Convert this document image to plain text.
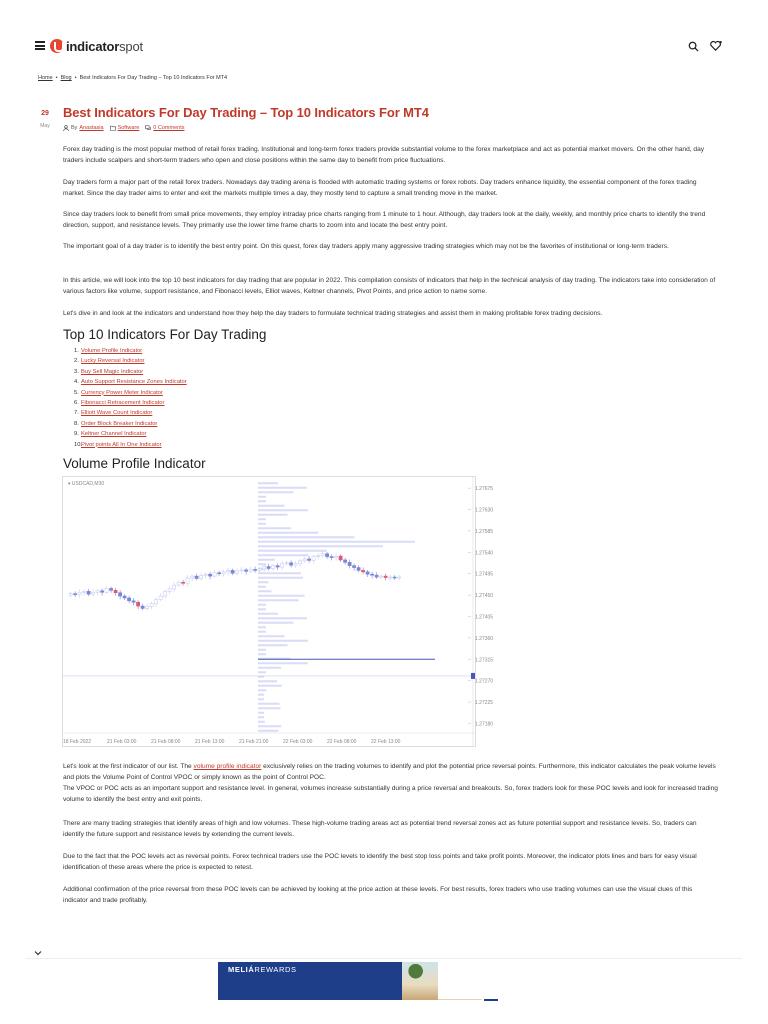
indicatorspot
Home • Blog • Best Indicators For Day Trading – Top 10 Indicators For MT4
29
May
Best Indicators For Day Trading – Top 10 Indicators For MT4
By Anastasia	Software	0 Comments

Forex day trading is the most popular method of retail forex trading. Institutional and long-term forex traders provide substantial volume to the forex marketplace and act as potential market movers. On the other hand, day traders include scalpers and short-term traders who open and close positions within the same day to benefit from price fluctuations.

Day traders form a major part of the retail forex traders. Nowadays day trading arena is flooded with automatic trading systems or forex robots. Day traders enhance liquidity, the essential component of the forex trading market. Since the day trader aims to enter and exit the markets multiple times a day, they mostly tend to capture a small trending move in the market.

Since day traders look to benefit from small price movements, they employ intraday price charts ranging from 1 minute to 1 hour. Although, day traders look at the daily, weekly, and monthly price charts to identify the trend direction, support, and resistance levels. They primarily use the lower time frame charts to zoom into and locate the best entry point.

The important goal of a day trader is to identify the best entry point. On this quest, forex day traders apply many aggressive trading strategies which may not be the favorites of institutional or long-term traders.

In this article, we will look into the top 10 best indicators for day trading that are popular in 2022. This compilation consists of indicators that help in the technical analysis of day trading. The indicators take into consideration of various factors like volume, support resistance, and Fibonacci levels, Elliot waves, Keltner channels, Pivot Points, and price action to name some.

Let's dive in and look at the indicators and understand how they help the day traders to formulate technical trading strategies and assist them in making profitable forex trading decisions.

Top 10 Indicators For Day Trading
1. Volume Profile Indicator
2. Lucky Reversal Indicator
3. Buy Sell Magic Indicator
4. Auto Support Resistance Zones Indicator
5. Currency Power Meter Indicator
6. Fibonacci Retracement Indicator
7. Elliott Wave Count Indicator
8. Order Block Breaker Indicator
9. Keltner Channel Indicator
10.
Pivot points All In One Indicator
Volume Profile Indicator
▾ USDCAD,M30
1.27675
1.27630
1.27585
1.27540
1.27495
1.27450
1.27405
1.27360
1.27315
1.27270
1.27225
1.27180
18 Feb 2022	21 Feb 03:00	21 Feb 08:00	21 Feb 13:00	21 Feb 21:00	22 Feb 03:00	22 Feb 08:00	22 Feb 13:00
1.27280

Let's look at the first indicator of our list. The volume profile indicator exclusively relies on the trading volumes to identify and plot the potential price reversal points. Furthermore, this indicator calculates the peak volume levels and plots the Volume Point of Control VPOC or simply known as the point of Control POC.

The VPOC or POC acts as an important support and resistance level. In general, volumes increase substantially during a price reversal and breakouts. So, forex traders look for these POC levels and look for increased trading volume to identify the best entry and exit points.

There are many trading strategies that identify areas of high and low volumes. These high-volume trading areas act as potential trend reversal zones act as future potential support and resistance levels. So, traders can identify the future support and resistance levels by extending the current levels.

Due to the fact that the POC levels act as reversal points. Forex technical traders use the POC levels to identify the best stop loss points and take profit points. Moreover, the indicator plots lines and bars for easy visual identification of these areas where the price is expected to retest.

Additional confirmation of the price reversal from these POC levels can be achieved by looking at the price action at these levels. For best results, forex traders who use trading volumes can use the visual clues of this indicator and trade profitably.

MELIÁREWARDS
